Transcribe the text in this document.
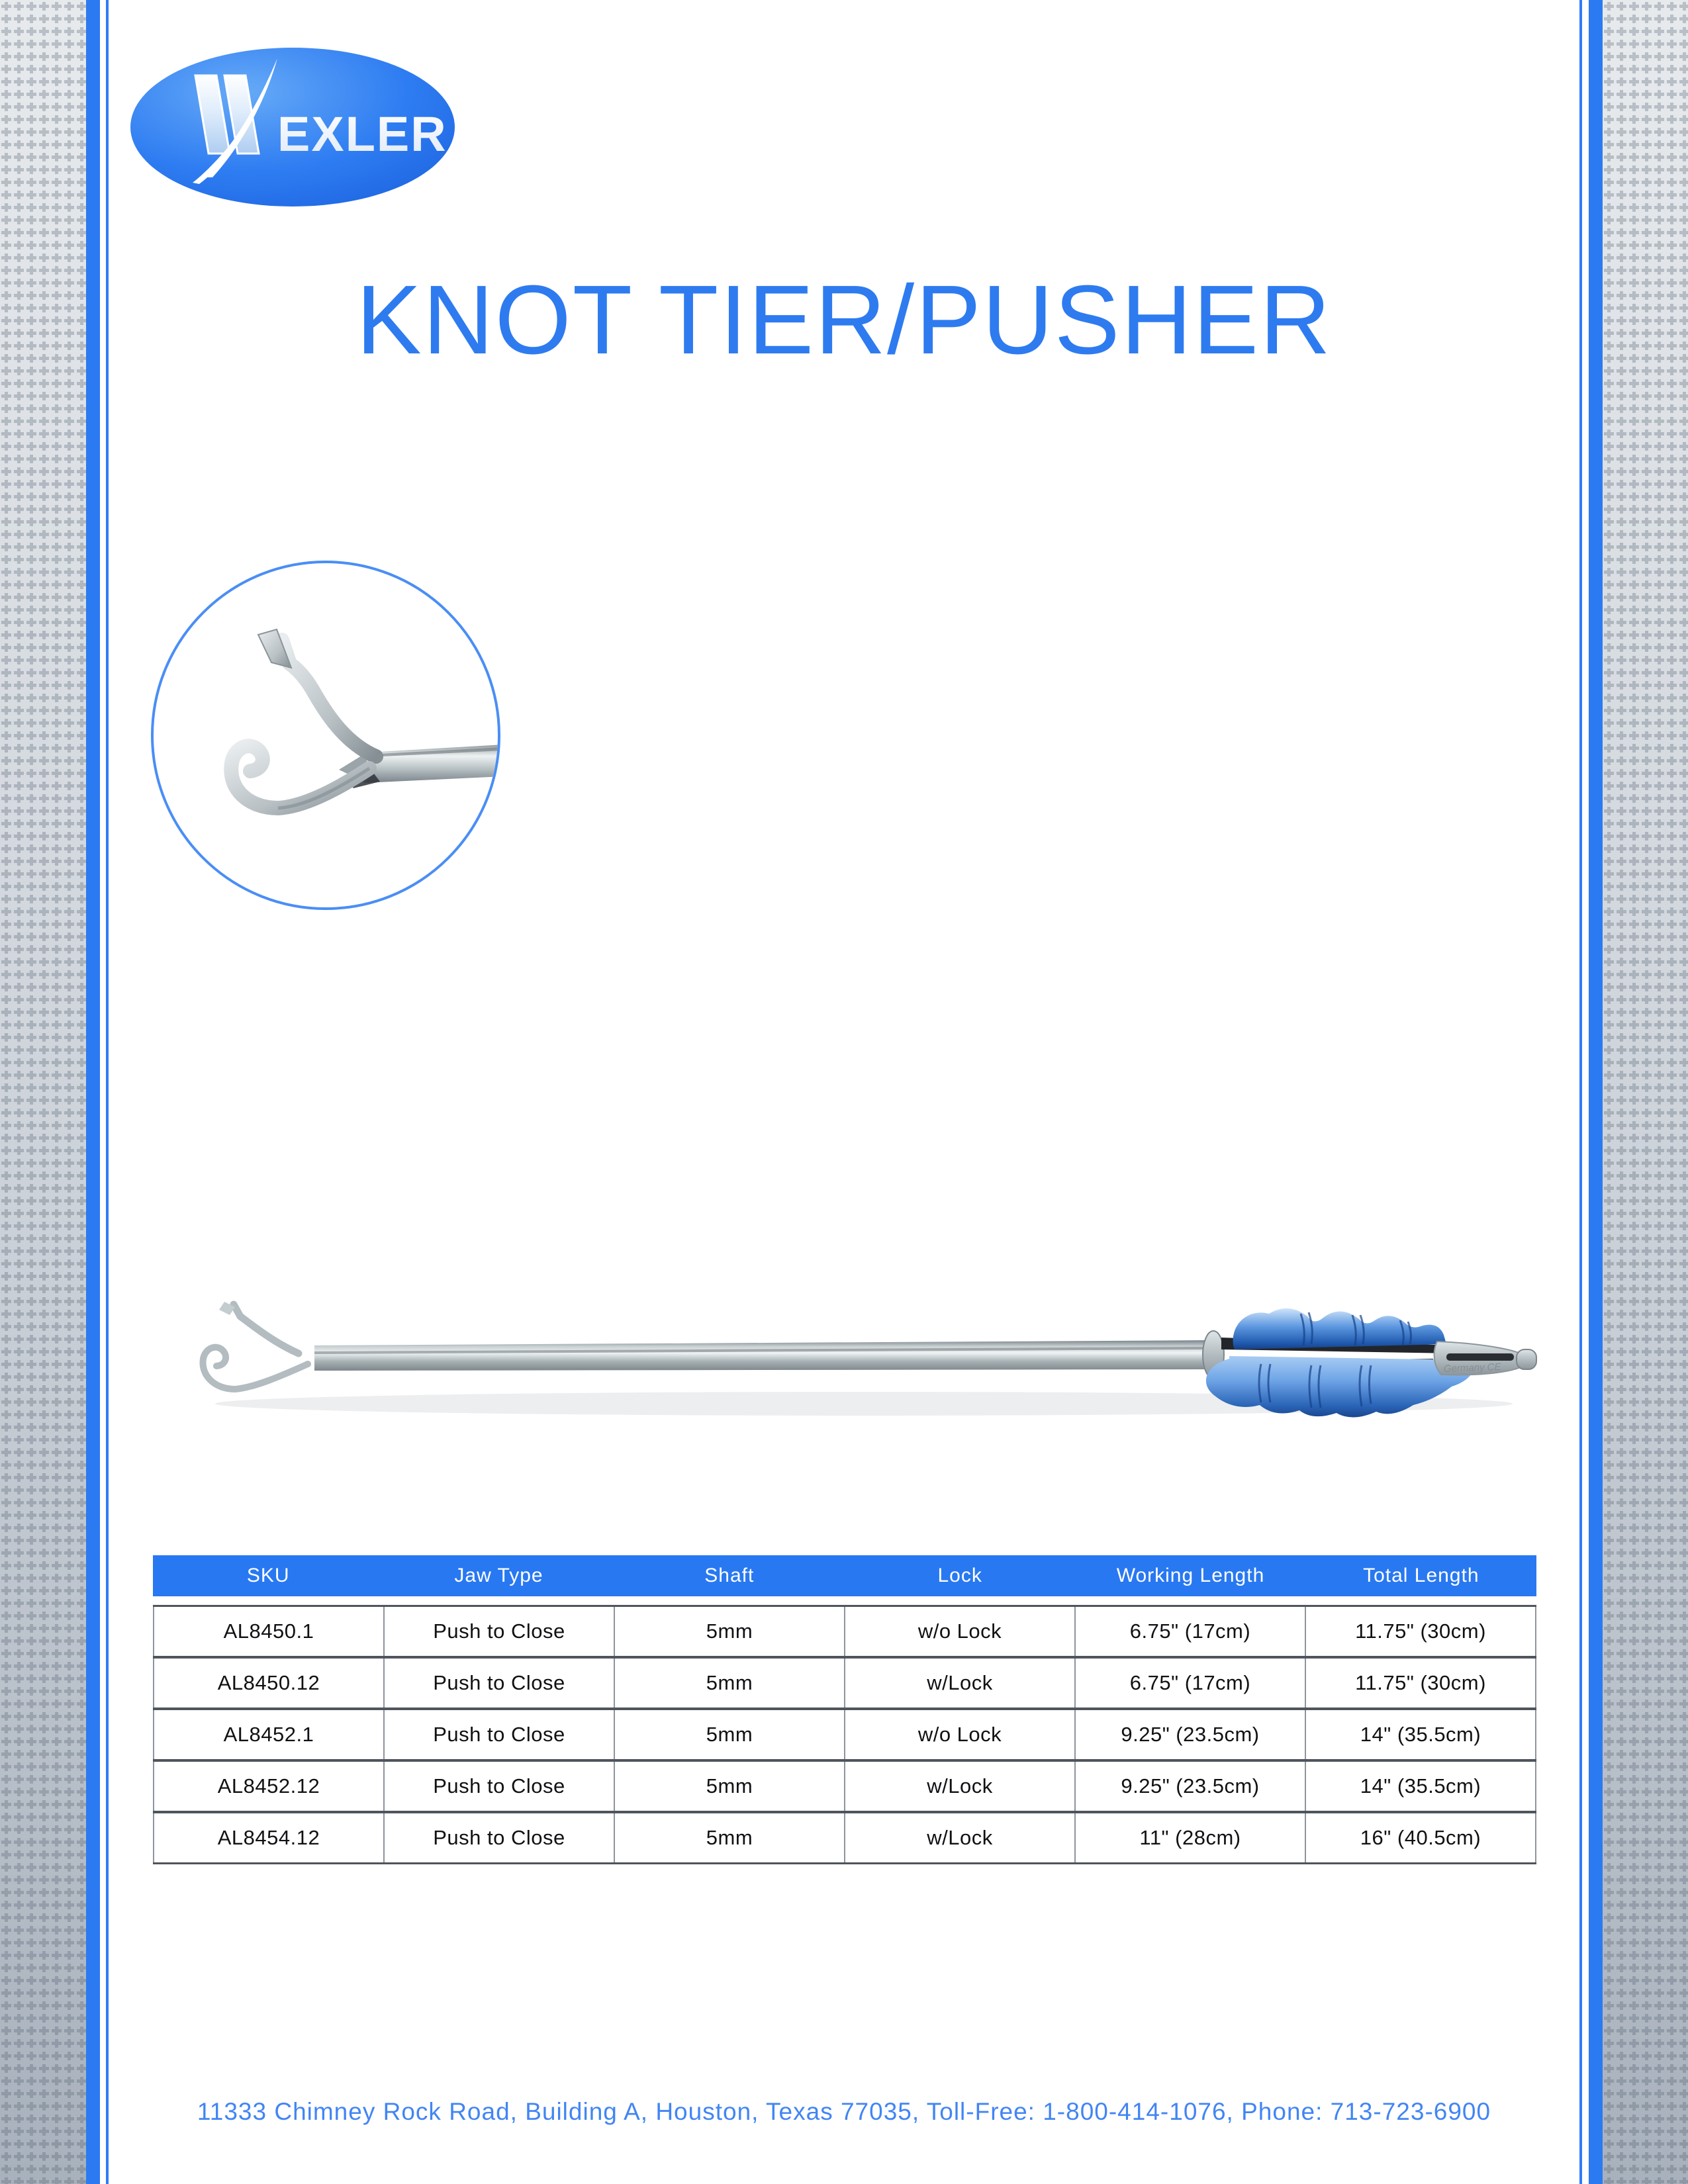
EXLER
KNOT TIER/PUSHER
Germany CE
SKU	Jaw Type	Shaft	Lock	Working Length	Total Length
AL8450.1	Push to Close	5mm	w/o Lock	6.75" (17cm)	11.75" (30cm)
AL8450.12	Push to Close	5mm	w/Lock	6.75" (17cm)	11.75" (30cm)
AL8452.1	Push to Close	5mm	w/o Lock	9.25" (23.5cm)	14" (35.5cm)
AL8452.12	Push to Close	5mm	w/Lock	9.25" (23.5cm)	14" (35.5cm)
AL8454.12	Push to Close	5mm	w/Lock	11" (28cm)	16" (40.5cm)
11333 Chimney Rock Road, Building A, Houston, Texas 77035, Toll-Free: 1-800-414-1076, Phone: 713-723-6900
